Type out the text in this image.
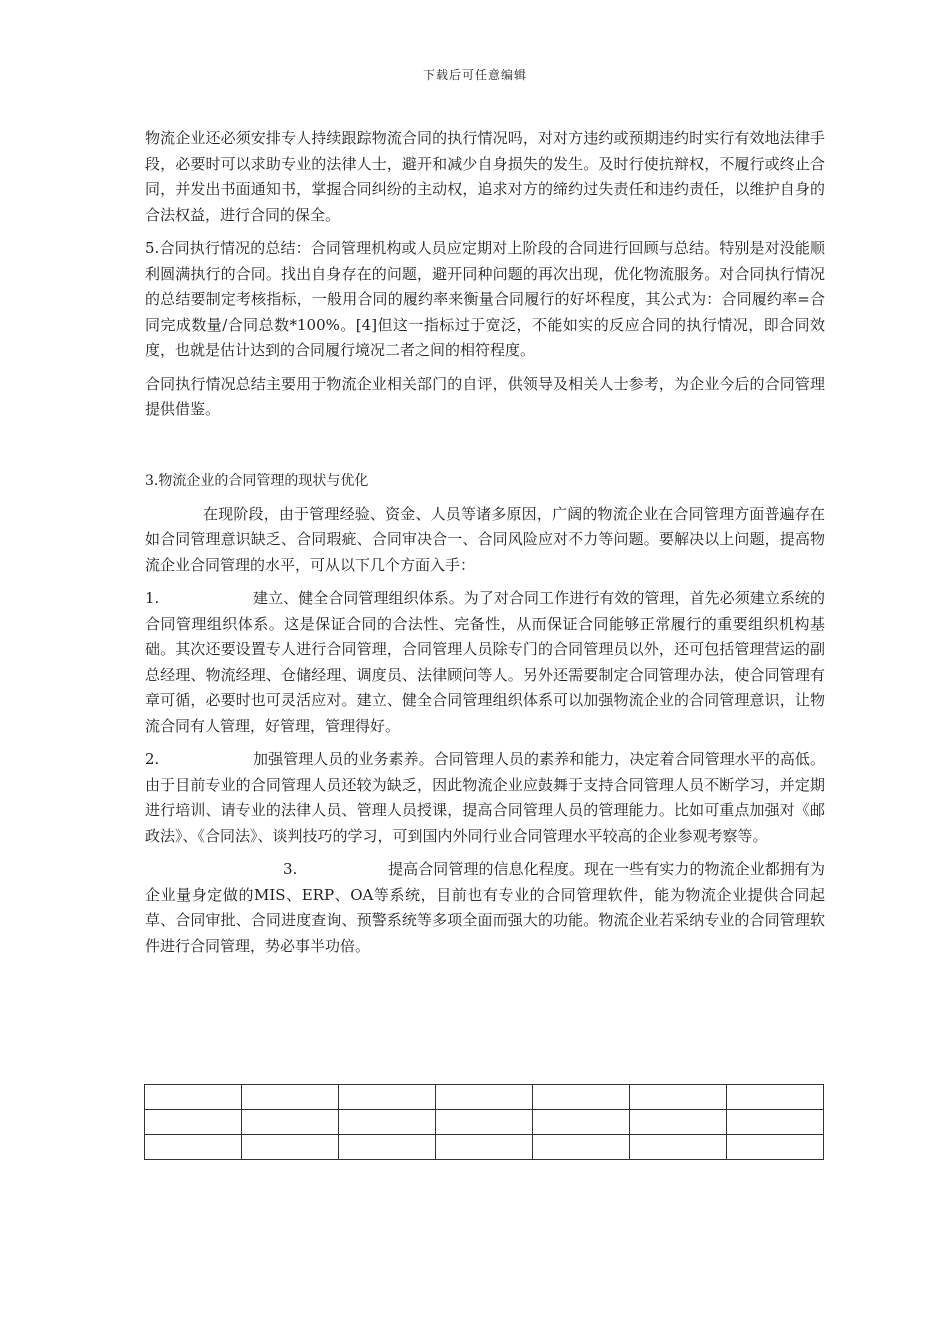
下载后可任意编辑

物流企业还必须安排专人持续跟踪物流合同的执行情况吗，对对方违约或预期违约时实行有效地法律手段，必要时可以求助专业的法律人士，避开和减少自身损失的发生。及时行使抗辩权，不履行或终止合同，并发出书面通知书，掌握合同纠纷的主动权，追求对方的缔约过失责任和违约责任，以维护自身的合法权益，进行合同的保全。

5.合同执行情况的总结：合同管理机构或人员应定期对上阶段的合同进行回顾与总结。特别是对没能顺利圆满执行的合同。找出自身存在的问题，避开同种问题的再次出现，优化物流服务。对合同执行情况的总结要制定考核指标，一般用合同的履约率来衡量合同履行的好坏程度，其公式为：合同履约率=合同完成数量/合同总数*100%。[4]但这一指标过于宽泛，不能如实的反应合同的执行情况，即合同效度，也就是估计达到的合同履行境况二者之间的相符程度。

合同执行情况总结主要用于物流企业相关部门的自评，供领导及相关人士参考，为企业今后的合同管理提供借鉴。

3.物流企业的合同管理的现状与优化

在现阶段，由于管理经验、资金、人员等诸多原因，广阔的物流企业在合同管理方面普遍存在如合同管理意识缺乏、合同瑕疵、合同审决合一、合同风险应对不力等问题。要解决以上问题，提高物流企业合同管理的水平，可从以下几个方面入手：

1.	建立、健全合同管理组织体系。为了对合同工作进行有效的管理，首先必须建立系统的合同管理组织体系。这是保证合同的合法性、完备性，从而保证合同能够正常履行的重要组织机构基础。其次还要设置专人进行合同管理，合同管理人员除专门的合同管理员以外，还可包括管理营运的副总经理、物流经理、仓储经理、调度员、法律顾问等人。另外还需要制定合同管理办法，使合同管理有章可循，必要时也可灵活应对。建立、健全合同管理组织体系可以加强物流企业的合同管理意识，让物流合同有人管理，好管理，管理得好。

2.	加强管理人员的业务素养。合同管理人员的素养和能力，决定着合同管理水平的高低。由于目前专业的合同管理人员还较为缺乏，因此物流企业应鼓舞于支持合同管理人员不断学习，并定期进行培训、请专业的法律人员、管理人员授课，提高合同管理人员的管理能力。比如可重点加强对《邮政法》、《合同法》、谈判技巧的学习，可到国内外同行业合同管理水平较高的企业参观考察等。

3.	提高合同管理的信息化程度。现在一些有实力的物流企业都拥有为企业量身定做的MIS、ERP、OA等系统，目前也有专业的合同管理软件，能为物流企业提供合同起草、合同审批、合同进度查询、预警系统等多项全面而强大的功能。物流企业若采纳专业的合同管理软件进行合同管理，势必事半功倍。
